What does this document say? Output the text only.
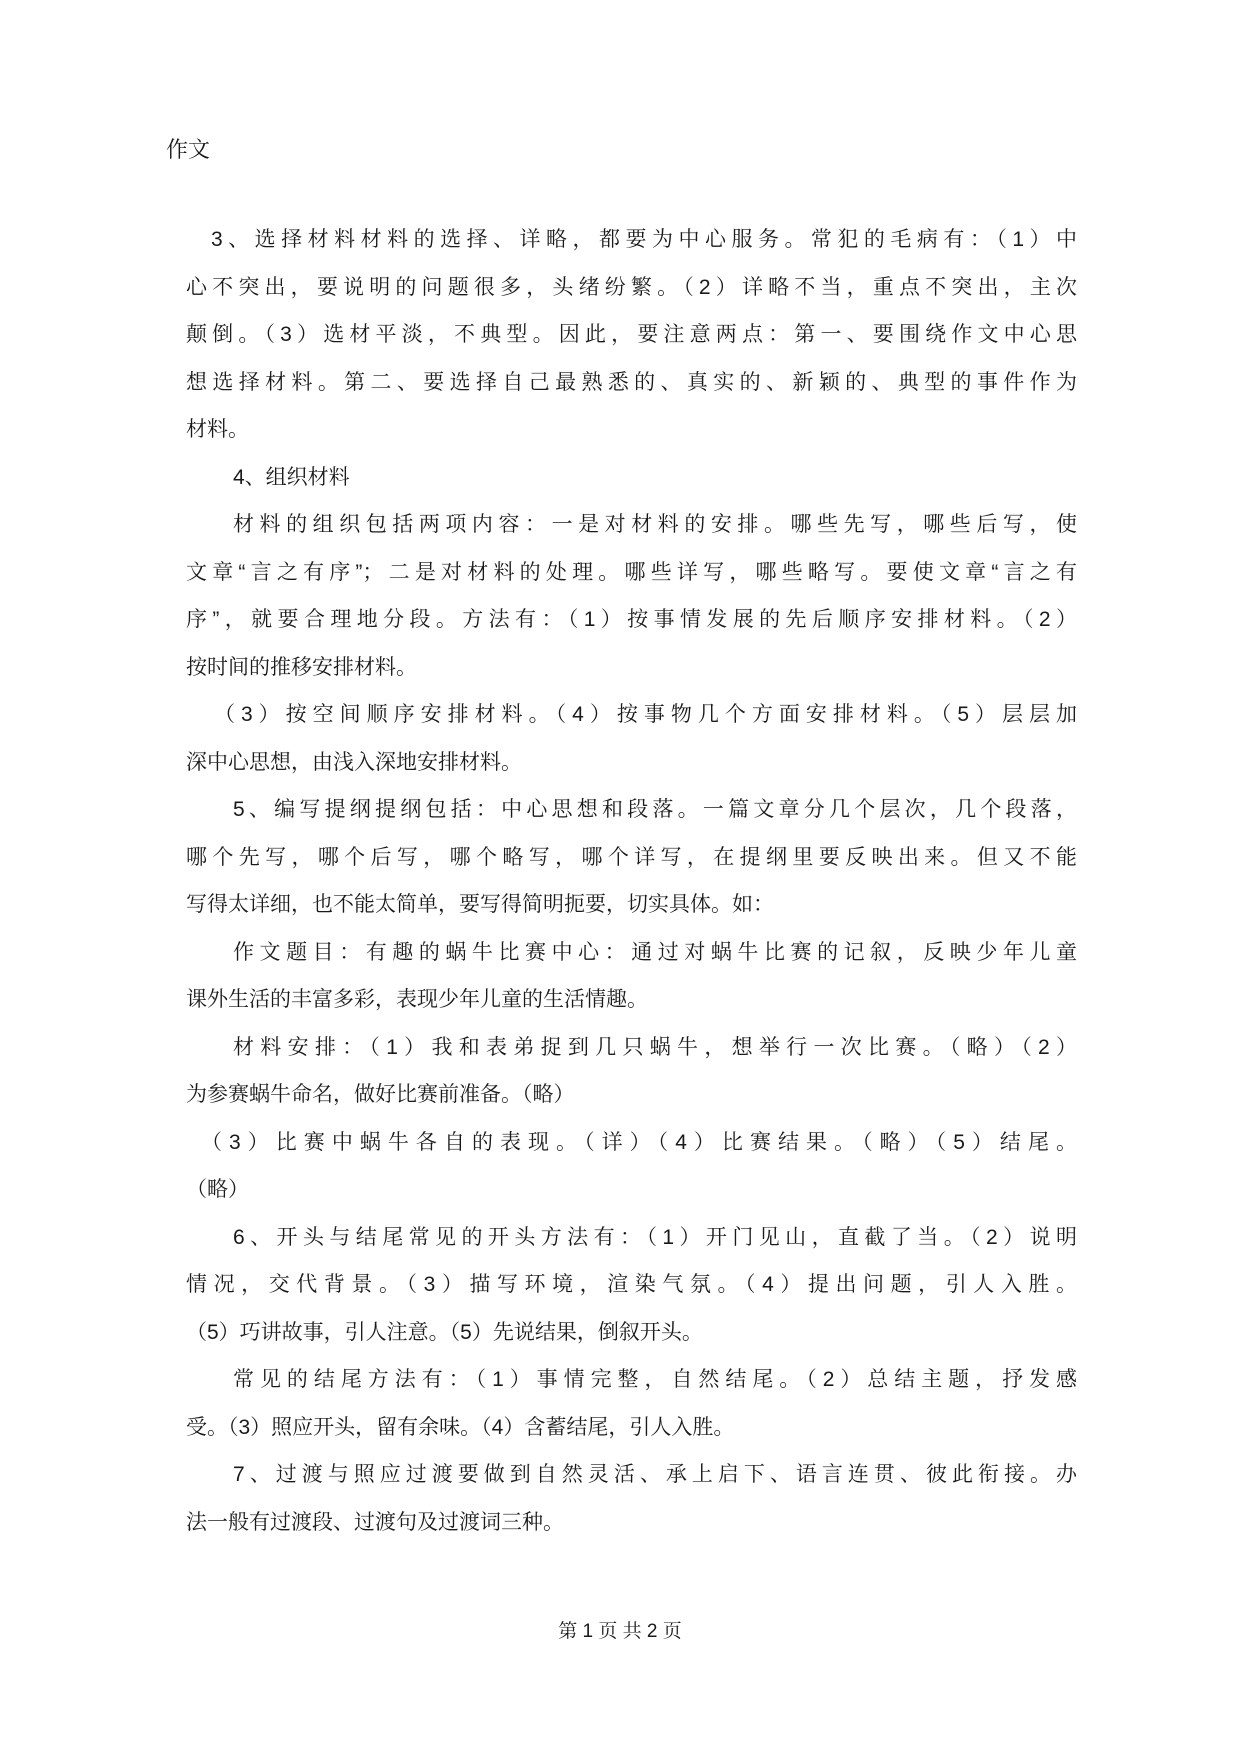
作文
3、选择材料材料的选择、详略，都要为中心服务。常犯的毛病有：（1）中
心不突出，要说明的问题很多，头绪纷繁。（2）详略不当，重点不突出，主次
颠倒。（3）选材平淡，不典型。因此，要注意两点：第一、要围绕作文中心思
想选择材料。第二、要选择自己最熟悉的、真实的、新颖的、典型的事件作为
材料。
4、组织材料
材料的组织包括两项内容：一是对材料的安排。哪些先写，哪些后写，使
文章“言之有序”；二是对材料的处理。哪些详写，哪些略写。要使文章“言之有
序”，就要合理地分段。方法有：（1）按事情发展的先后顺序安排材料。（2）
按时间的推移安排材料。
（3）按空间顺序安排材料。（4）按事物几个方面安排材料。（5）层层加
深中心思想，由浅入深地安排材料。
5、编写提纲提纲包括：中心思想和段落。一篇文章分几个层次，几个段落，
哪个先写，哪个后写，哪个略写，哪个详写，在提纲里要反映出来。但又不能
写得太详细，也不能太简单，要写得简明扼要，切实具体。如：
作文题目：有趣的蜗牛比赛中心：通过对蜗牛比赛的记叙，反映少年儿童
课外生活的丰富多彩，表现少年儿童的生活情趣。
材料安排：（1）我和表弟捉到几只蜗牛，想举行一次比赛。（略）（2）
为参赛蜗牛命名，做好比赛前准备。（略）
（3）比赛中蜗牛各自的表现。（详）（4）比赛结果。（略）（5）结尾。
（略）
6、开头与结尾常见的开头方法有：（1）开门见山，直截了当。（2）说明
情况，交代背景。（3）描写环境，渲染气氛。（4）提出问题，引人入胜。
（5）巧讲故事，引人注意。（5）先说结果，倒叙开头。
常见的结尾方法有：（1）事情完整，自然结尾。（2）总结主题，抒发感
受。（3）照应开头，留有余味。（4）含蓄结尾，引人入胜。
7、过渡与照应过渡要做到自然灵活、承上启下、语言连贯、彼此衔接。办
法一般有过渡段、过渡句及过渡词三种。
第 1 页 共 2 页
